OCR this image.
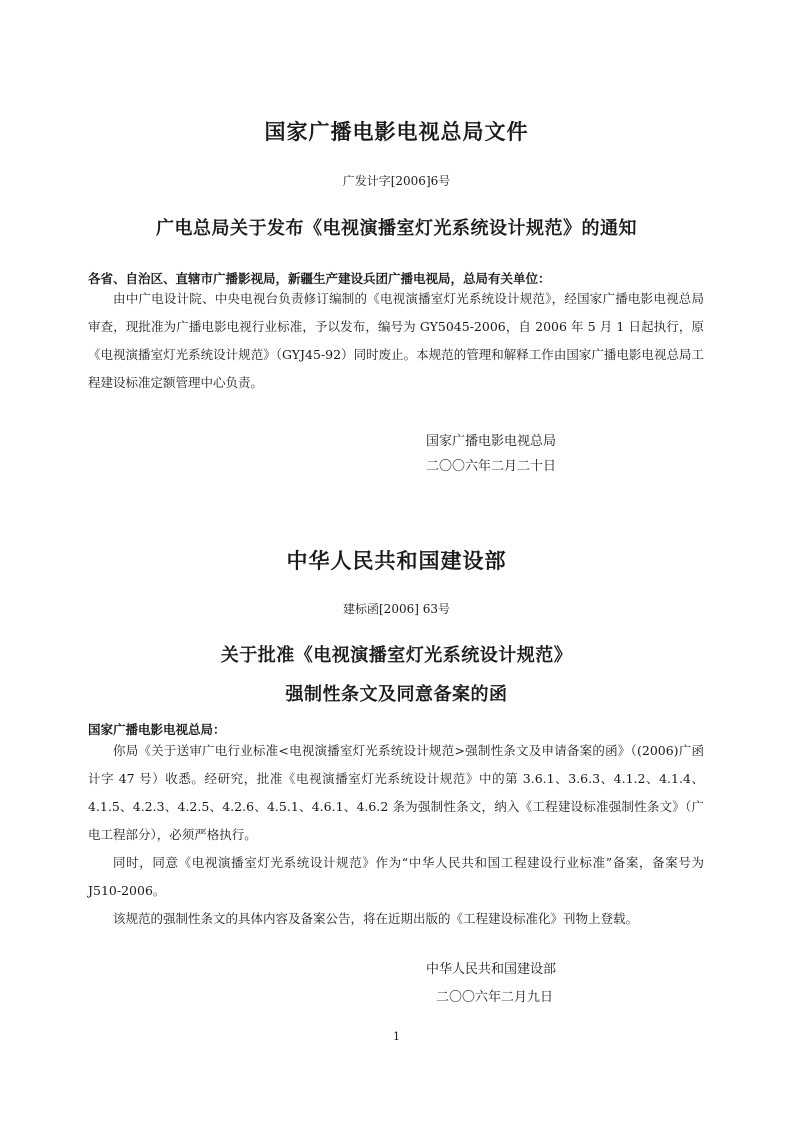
国家广播电影电视总局文件
广发计字[2006]6号
广电总局关于发布《电视演播室灯光系统设计规范》的通知
各省、自治区、直辖市广播影视局，新疆生产建设兵团广播电视局，总局有关单位：

由中广电设计院、中央电视台负责修订编制的《电视演播室灯光系统设计规范》，经国家广播电影电视总局审查，现批准为广播电影电视行业标准，予以发布，编号为 GY5045-2006，自 2006 年 5 月 1 日起执行，原《电视演播室灯光系统设计规范》（GYJ45-92）同时废止。本规范的管理和解释工作由国家广播电影电视总局工程建设标准定额管理中心负责。

国家广播电影电视总局
二〇〇六年二月二十日
中华人民共和国建设部
建标函[2006] 63号
关于批准《电视演播室灯光系统设计规范》
强制性条文及同意备案的函
国家广播电影电视总局：

你局《关于送审广电行业标准<电视演播室灯光系统设计规范>强制性条文及申请备案的函》（(2006)广函计字 47 号）收悉。经研究，批准《电视演播室灯光系统设计规范》中的第 3.6.1、3.6.3、4.1.2、4.1.4、4.1.5、4.2.3、4.2.5、4.2.6、4.5.1、4.6.1、4.6.2 条为强制性条文，纳入《工程建设标准强制性条文》（广电工程部分），必须严格执行。

同时，同意《电视演播室灯光系统设计规范》作为“中华人民共和国工程建设行业标准”备案，备案号为 J510-2006。

该规范的强制性条文的具体内容及备案公告，将在近期出版的《工程建设标准化》刊物上登载。

中华人民共和国建设部
二〇〇六年二月九日
1
